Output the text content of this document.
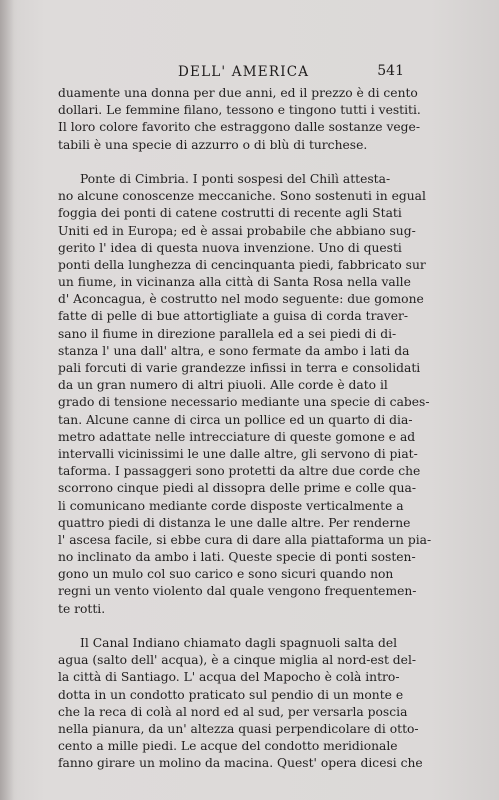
DELL' AMERICA	541
duamente una donna per due anni, ed il prezzo è di cento
dollari. Le femmine filano, tessono e tingono tutti i vestiti.
Il loro colore favorito che estraggono dalle sostanze vege-
tabili è una specie di azzurro o di blù di turchese.
Ponte di Cimbria. I ponti sospesi del Chilì attesta-
no alcune conoscenze meccaniche. Sono sostenuti in egual
foggia dei ponti di catene costrutti di recente agli Stati
Uniti ed in Europa; ed è assai probabile che abbiano sug-
gerito l' idea di questa nuova invenzione. Uno di questi
ponti della lunghezza di cencinquanta piedi, fabbricato sur
un fiume, in vicinanza alla città di Santa Rosa nella valle
d' Aconcagua, è costrutto nel modo seguente: due gomone
fatte di pelle di bue attortigliate a guisa di corda traver-
sano il fiume in direzione parallela ed a sei piedi di di-
stanza l' una dall' altra, e sono fermate da ambo i lati da
pali forcuti di varie grandezze infissi in terra e consolidati
da un gran numero di altri piuoli. Alle corde è dato il
grado di tensione necessario mediante una specie di cabes-
tan. Alcune canne di circa un pollice ed un quarto di dia-
metro adattate nelle intrecciature di queste gomone e ad
intervalli vicinissimi le une dalle altre, gli servono di piat-
taforma. I passaggeri sono protetti da altre due corde che
scorrono cinque piedi al dissopra delle prime e colle qua-
li comunicano mediante corde disposte verticalmente a
quattro piedi di distanza le une dalle altre. Per renderne
l' ascesa facile, si ebbe cura di dare alla piattaforma un pia-
no inclinato da ambo i lati. Queste specie di ponti sosten-
gono un mulo col suo carico e sono sicuri quando non
regni un vento violento dal quale vengono frequentemen-
te rotti.
Il Canal Indiano chiamato dagli spagnuoli salta del
agua (salto dell' acqua), è a cinque miglia al nord-est del-
la città di Santiago. L' acqua del Mapocho è colà intro-
dotta in un condotto praticato sul pendio di un monte e
che la reca di colà al nord ed al sud, per versarla poscia
nella pianura, da un' altezza quasi perpendicolare di otto-
cento a mille piedi. Le acque del condotto meridionale
fanno girare un molino da macina. Quest' opera dicesi che
